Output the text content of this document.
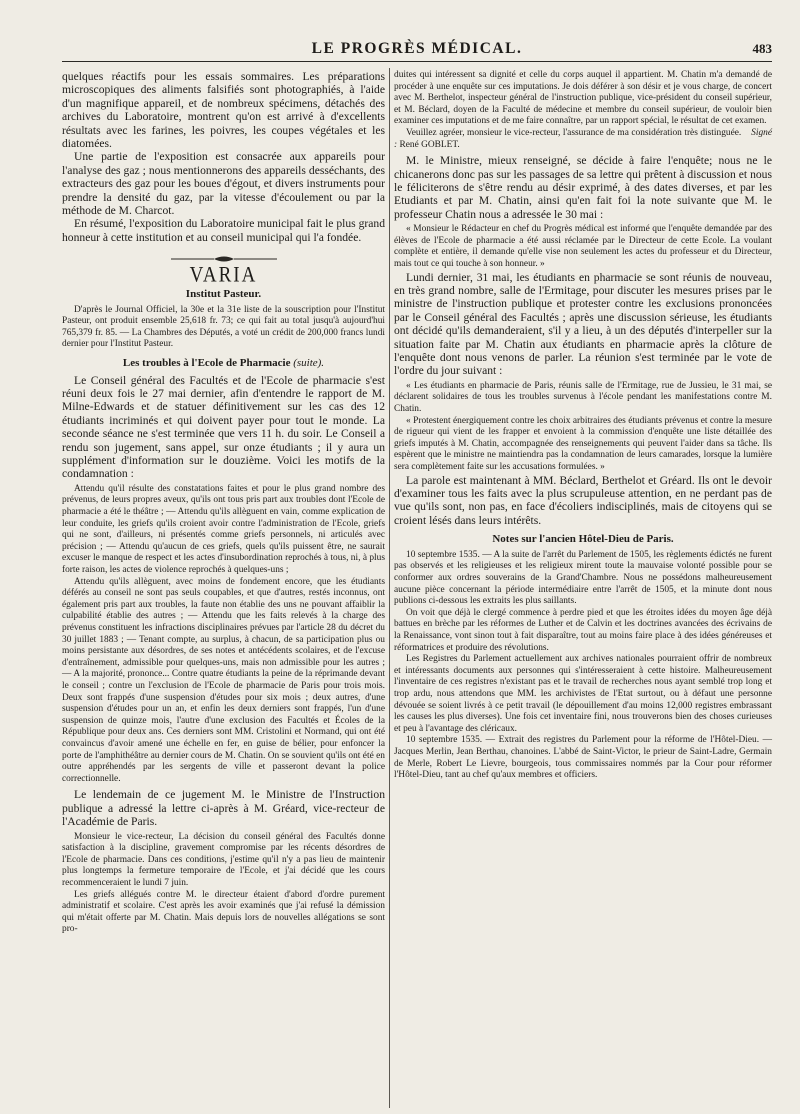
LE PROGRÈS MÉDICAL.	483

quelques réactifs pour les essais sommaires. Les préparations microscopiques des aliments falsifiés sont photographiés, à l'aide d'un magnifique appareil, et de nombreux spécimens, détachés des archives du Laboratoire, montrent qu'on est arrivé à d'excellents résultats avec les farines, les poivres, les coupes végétales et les diatomées.

Une partie de l'exposition est consacrée aux appareils pour l'analyse des gaz ; nous mentionnerons des appareils desséchants, des extracteurs des gaz pour les boues d'égout, et divers instruments pour prendre la densité du gaz, par la vitesse d'écoulement ou par la méthode de M. Charcot.

En résumé, l'exposition du Laboratoire municipal fait le plus grand honneur à cette institution et au conseil municipal qui l'a fondée.

VARIA
Institut Pasteur.

D'après le Journal Officiel, la 30e et la 31e liste de la souscription pour l'Institut Pasteur, ont produit ensemble 25,618 fr. 73; ce qui fait au total jusqu'à aujourd'hui 765,379 fr. 85. — La Chambres des Députés, a voté un crédit de 200,000 francs lundi dernier pour l'Institut Pasteur.

Les troubles à l'Ecole de Pharmacie (suite).

Le Conseil général des Facultés et de l'Ecole de pharmacie s'est réuni deux fois le 27 mai dernier, afin d'entendre le rapport de M. Milne-Edwards et de statuer définitivement sur les cas des 12 étudiants incriminés et qui doivent payer pour tout le monde. La seconde séance ne s'est terminée que vers 11 h. du soir. Le Conseil a rendu son jugement, sans appel, sur onze étudiants ; il y aura un supplément d'information sur le douzième. Voici les motifs de la condamnation :

Attendu qu'il résulte des constatations faites et pour le plus grand nombre des prévenus, de leurs propres aveux, qu'ils ont tous pris part aux troubles dont l'Ecole de pharmacie a été le théâtre ; — Attendu qu'ils allèguent en vain, comme explication de leur conduite, les griefs qu'ils croient avoir contre l'administration de l'Ecole, griefs qui ne sont, d'ailleurs, ni présentés comme griefs personnels, ni articulés avec précision ; — Attendu qu'aucun de ces griefs, quels qu'ils puissent être, ne saurait excuser le manque de respect et les actes d'insubordination reprochés à tous, ni, à plus forte raison, les actes de violence reprochés à quelques-uns ;

Attendu qu'ils allèguent, avec moins de fondement encore, que les étudiants déférés au conseil ne sont pas seuls coupables, et que d'autres, restés inconnus, ont également pris part aux troubles, la faute non établie des uns ne pouvant affaiblir la culpabilité établie des autres ; — Attendu que les faits relevés à la charge des prévenus constituent les infractions disciplinaires prévues par l'article 28 du décret du 30 juillet 1883 ; — Tenant compte, au surplus, à chacun, de sa participation plus ou moins persistante aux désordres, de ses notes et antécédents scolaires, et de l'excuse d'entraînement, admissible pour quelques-uns, mais non admissible pour les autres ; — A la majorité, prononce... Contre quatre étudiants la peine de la réprimande devant le conseil ; contre un l'exclusion de l'Ecole de pharmacie de Paris pour trois mois. Deux sont frappés d'une suspension d'études pour six mois ; deux autres, d'une suspension d'études pour un an, et enfin les deux derniers sont frappés, l'un d'une suspension de quinze mois, l'autre d'une exclusion des Facultés et Écoles de la République pour deux ans. Ces derniers sont MM. Cristolini et Normand, qui ont été convaincus d'avoir amené une échelle en fer, en guise de bélier, pour enfoncer la porte de l'amphithéâtre au dernier cours de M. Chatin. On se souvient qu'ils ont été en outre appréhendés par les sergents de ville et passeront devant la police correctionnelle.

Le lendemain de ce jugement M. le Ministre de l'Instruction publique a adressé la lettre ci-après à M. Gréard, vice-recteur de l'Académie de Paris.

Monsieur le vice-recteur, La décision du conseil général des Facultés donne satisfaction à la discipline, gravement compromise par les récents désordres de l'Ecole de pharmacie. Dans ces conditions, j'estime qu'il n'y a pas lieu de maintenir plus longtemps la fermeture temporaire de l'Ecole, et j'ai décidé que les cours recommenceraient le lundi 7 juin.

Les griefs allégués contre M. le directeur étaient d'abord d'ordre purement administratif et scolaire. C'est après les avoir examinés que j'ai refusé la démission qui m'était offerte par M. Chatin. Mais depuis lors de nouvelles allégations se sont pro-

duites qui intéressent sa dignité et celle du corps auquel il appartient. M. Chatin m'a demandé de procéder à une enquête sur ces imputations. Je dois déférer à son désir et je vous charge, de concert avec M. Berthelot, inspecteur général de l'instruction publique, vice-président du conseil supérieur, et M. Béclard, doyen de la Faculté de médecine et membre du conseil supérieur, de vouloir bien examiner ces imputations et de me faire connaître, par un rapport spécial, le résultat de cet examen.

Veuillez agréer, monsieur le vice-recteur, l'assurance de ma considération très distinguée. Signé : René GOBLET.

M. le Ministre, mieux renseigné, se décide à faire l'enquête; nous ne le chicanerons donc pas sur les passages de sa lettre qui prêtent à discussion et nous le féliciterons de s'être rendu au désir exprimé, à des dates diverses, et par les Etudiants et par M. Chatin, ainsi qu'en fait foi la note suivante que M. le professeur Chatin nous a adressée le 30 mai :

« Monsieur le Rédacteur en chef du Progrès médical est informé que l'enquête demandée par des élèves de l'Ecole de pharmacie a été aussi réclamée par le Directeur de cette Ecole. La voulant complète et entière, il demande qu'elle vise non seulement les actes du professeur et du Directeur, mais tout ce qui touche à son honneur. »

Lundi dernier, 31 mai, les étudiants en pharmacie se sont réunis de nouveau, en très grand nombre, salle de l'Ermitage, pour discuter les mesures prises par le ministre de l'instruction publique et protester contre les exclusions prononcées par le Conseil général des Facultés ; après une discussion sérieuse, les étudiants ont décidé qu'ils demanderaient, s'il y a lieu, à un des députés d'interpeller sur la situation faite par M. Chatin aux étudiants en pharmacie après la clôture de l'enquête dont nous venons de parler. La réunion s'est terminée par le vote de l'ordre du jour suivant :

« Les étudiants en pharmacie de Paris, réunis salle de l'Ermitage, rue de Jussieu, le 31 mai, se déclarent solidaires de tous les troubles survenus à l'école pendant les manifestations contre M. Chatin.

« Protestent énergiquement contre les choix arbitraires des étudiants prévenus et contre la mesure de rigueur qui vient de les frapper et envoient à la commission d'enquête une liste détaillée des griefs imputés à M. Chatin, accompagnée des renseignements qui peuvent l'aider dans sa tâche. Ils espèrent que le ministre ne maintiendra pas la condamnation de leurs camarades, lorsque la lumière sera complètement faite sur les accusations formulées. »

La parole est maintenant à MM. Béclard, Berthelot et Gréard. Ils ont le devoir d'examiner tous les faits avec la plus scrupuleuse attention, en ne perdant pas de vue qu'ils sont, non pas, en face d'écoliers indisciplinés, mais de citoyens qui se croient lésés dans leurs intérêts.

Notes sur l'ancien Hôtel-Dieu de Paris.

10 septembre 1535. — A la suite de l'arrêt du Parlement de 1505, les règlements édictés ne furent pas observés et les religieuses et les religieux mirent toute la mauvaise volonté possible pour se conformer aux ordres souverains de la Grand'Chambre. Nous ne possédons malheureusement aucune pièce concernant la période intermédiaire entre l'arrêt de 1505, et la minute dont nous publions ci-dessous les extraits les plus saillants.

On voit que déjà le clergé commence à perdre pied et que les étroites idées du moyen âge déjà battues en brèche par les réformes de Luther et de Calvin et les doctrines avancées des écrivains de la Renaissance, vont sinon tout à fait disparaître, tout au moins faire place à des idées généreuses et réformatrices et produire des révolutions.

Les Registres du Parlement actuellement aux archives nationales pourraient offrir de nombreux et intéressants documents aux personnes qui s'intéresseraient à cette histoire. Malheureusement l'inventaire de ces registres n'existant pas et le travail de recherches nous ayant semblé trop long et trop ardu, nous attendons que MM. les archivistes de l'Etat surtout, ou à défaut une personne dévouée se soient livrés à ce petit travail (le dépouillement d'au moins 12,000 registres embrassant les causes les plus diverses). Une fois cet inventaire fini, nous trouverons bien des choses curieuses et peu à l'avantage des cléricaux.

10 septembre 1535. — Extrait des registres du Parlement pour la réforme de l'Hôtel-Dieu. — Jacques Merlin, Jean Berthau, chanoines. L'abbé de Saint-Victor, le prieur de Saint-Ladre, Germain de Merle, Robert Le Lievre, bourgeois, tous commissaires nommés par la Cour pour réformer l'Hôtel-Dieu, tant au chef qu'aux membres et officiers.
